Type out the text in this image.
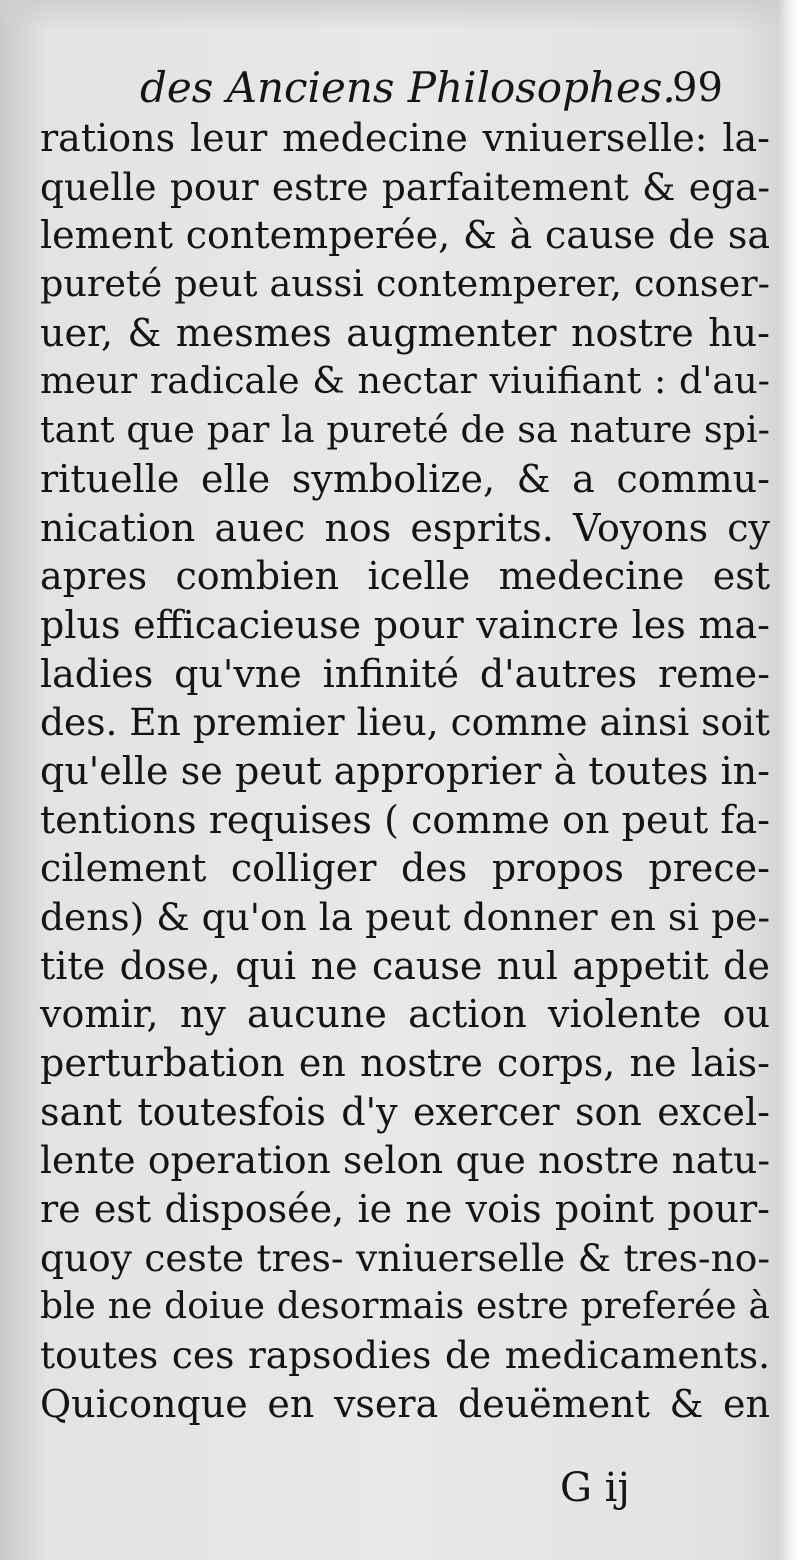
des Anciens Philosophes.
99
rations leur medecine vniuerselle: la-
quelle pour estre parfaitement & ega-
lement contemperée, & à cause de sa
pureté peut aussi contemperer, conser-
uer, & mesmes augmenter nostre hu-
meur radicale & nectar viuifiant : d'au-
tant que par la pureté de sa nature spi-
rituelle elle symbolize, & a commu-
nication auec nos esprits. Voyons cy
apres combien icelle medecine est
plus efficacieuse pour vaincre les ma-
ladies qu'vne infinité d'autres reme-
des. En premier lieu, comme ainsi soit
qu'elle se peut approprier à toutes in-
tentions requises ( comme on peut fa-
cilement colliger des propos prece-
dens) & qu'on la peut donner en si pe-
tite dose, qui ne cause nul appetit de
vomir, ny aucune action violente ou
perturbation en nostre corps, ne lais-
sant toutesfois d'y exercer son excel-
lente operation selon que nostre natu-
re est disposée, ie ne vois point pour-
quoy ceste tres- vniuerselle & tres-no-
ble ne doiue desormais estre preferée à
toutes ces rapsodies de medicaments.
Quiconque en vsera deuëment & en
G ij
